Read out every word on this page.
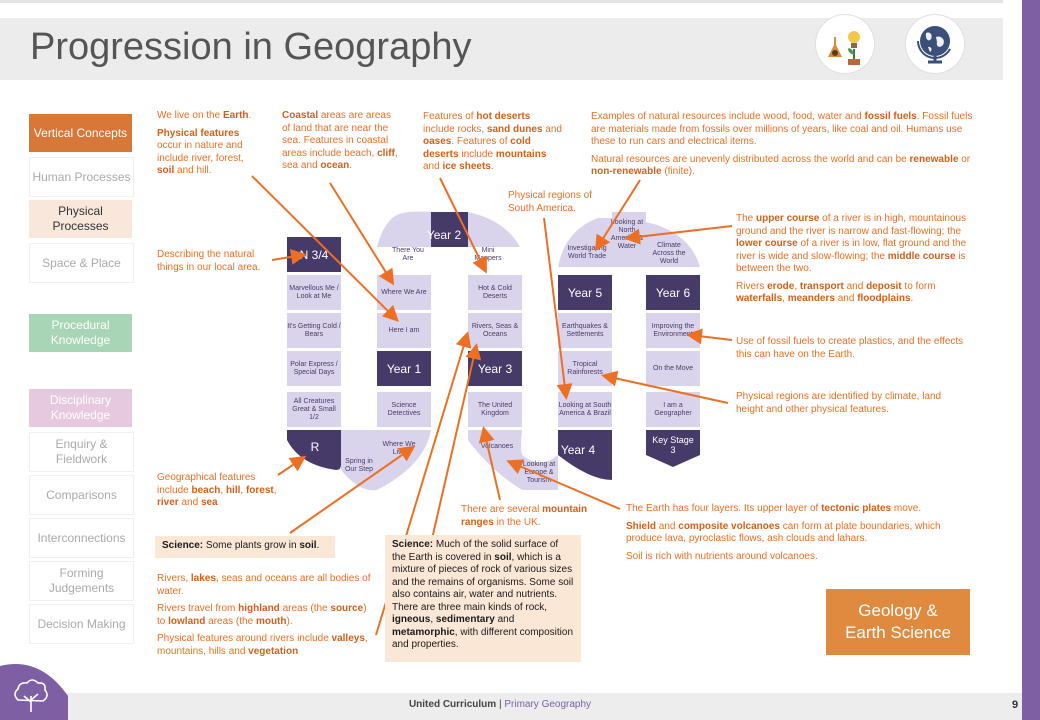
Progression in Geography
Vertical Concepts
Human Processes
Physical Processes
Space & Place
Procedural Knowledge
Disciplinary Knowledge
Enquiry & Fieldwork
Comparisons
Interconnections
Forming Judgements
Decision Making
N 3/4
Marvellous Me / Look at Me
It's Getting Cold / Bears
Polar Express / Special Days
All Creatures Great & Small 1/2
R
Spring in Our Step
Where We Live
Science Detectives
Year 1
Here I am
Where We Are
There You Are
Year 2
Mini Mappers
Hot & Cold Deserts
Rivers, Seas & Oceans
Year 3
The United Kingdom
Volcanoes
Looking at Europe & Tourism
Year 4
Looking at South America & Brazil
Tropical Rainforests
Earthquakes & Settlements
Year 5
Investigating World Trade
Looking at North America & Water	Climate Across the World
Year 6
Improving the Environment
On the Move
I am a Geographer
Key Stage 3

We live on the Earth.

Physical features occur in nature and include river, forest, soil and hill.

Coastal areas are areas of land that are near the sea. Features in coastal areas include beach, cliff, sea and ocean.

Features of hot deserts include rocks, sand dunes and oases. Features of cold deserts include mountains and ice sheets.

Examples of natural resources include wood, food, water and fossil fuels. Fossil fuels are materials made from fossils over millions of years, like coal and oil. Humans use these to run cars and electrical items.

Natural resources are unevenly distributed across the world and can be renewable or non-renewable (finite).

Physical regions of South America.

The upper course of a river is in high, mountainous ground and the river is narrow and fast-flowing; the lower course of a river is in low, flat ground and the river is wide and slow-flowing; the middle course is between the two.

Rivers erode, transport and deposit to form waterfalls, meanders and floodplains.

Describing the natural things in our local area.
Use of fossil fuels to create plastics, and the effects this can have on the Earth.
Physical regions are identified by climate, land height and other physical features.

Geographical features include beach, hill, forest, river and sea

There are several mountain ranges in the UK.

The Earth has four layers. Its upper layer of tectonic plates move.

Shield and composite volcanoes can form at plate boundaries, which produce lava, pyroclastic flows, ash clouds and lahars.

Soil is rich with nutrients around volcanoes.

Rivers, lakes, seas and oceans are all bodies of water.

Rivers travel from highland areas (the source) to lowland areas (the mouth).

Physical features around rivers include valleys, mountains, hills and vegetation

Science: Some plants grow in soil.	Science: Much of the solid surface of the Earth is covered in soil, which is a mixture of pieces of rock of various sizes and the remains of organisms. Some soil also contains air, water and nutrients. There are three main kinds of rock, igneous, sedimentary and metamorphic, with different composition and properties.
Geology &
Earth Science
United Curriculum | Primary Geography	9
